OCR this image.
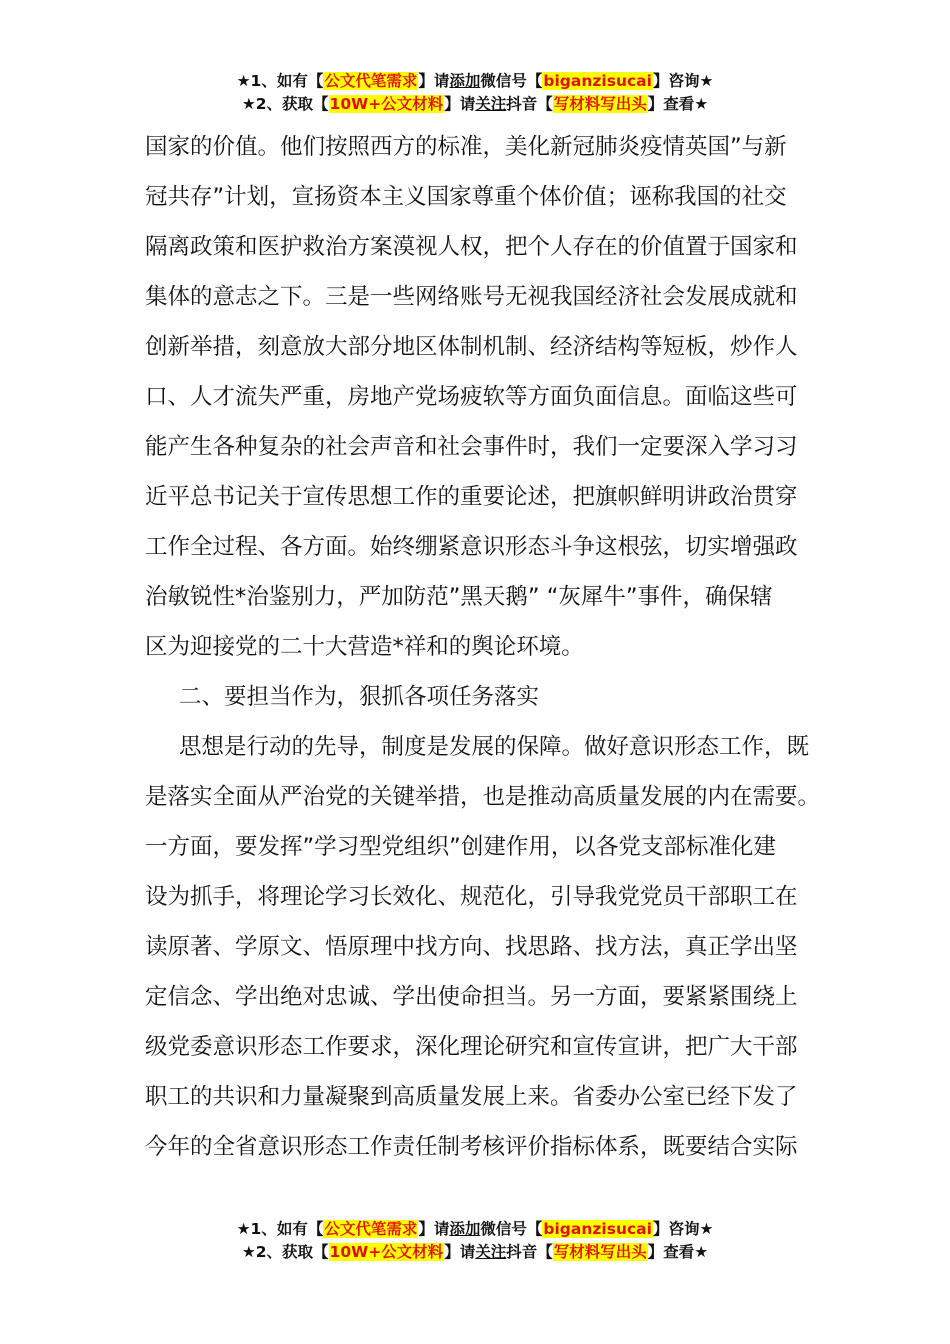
★1、如有【公文代笔需求】请添加微信号【biganzisucai】咨询★
★2、获取【10W+公文材料】请关注抖音【写材料写出头】查看★
国家的价值。他们按照西方的标准，美化新冠肺炎疫情英国”与新
冠共存”计划，宣扬资本主义国家尊重个体价值；诬称我国的社交
隔离政策和医护救治方案漠视人权，把个人存在的价值置于国家和
集体的意志之下。三是一些网络账号无视我国经济社会发展成就和
创新举措，刻意放大部分地区体制机制、经济结构等短板，炒作人
口、人才流失严重，房地产党场疲软等方面负面信息。面临这些可
能产生各种复杂的社会声音和社会事件时，我们一定要深入学习习
近平总书记关于宣传思想工作的重要论述，把旗帜鲜明讲政治贯穿
工作全过程、各方面。始终绷紧意识形态斗争这根弦，切实增强政
治敏锐性*治鉴别力，严加防范”黑天鹅” “灰犀牛”事件，确保辖
区为迎接党的二十大营造*祥和的舆论环境。
二、要担当作为，狠抓各项任务落实
思想是行动的先导，制度是发展的保障。做好意识形态工作，既
是落实全面从严治党的关键举措，也是推动高质量发展的内在需要。
一方面，要发挥”学习型党组织”创建作用，以各党支部标准化建
设为抓手，将理论学习长效化、规范化，引导我党党员干部职工在
读原著、学原文、悟原理中找方向、找思路、找方法，真正学出坚
定信念、学出绝对忠诚、学出使命担当。另一方面，要紧紧围绕上
级党委意识形态工作要求，深化理论研究和宣传宣讲，把广大干部
职工的共识和力量凝聚到高质量发展上来。省委办公室已经下发了
今年的全省意识形态工作责任制考核评价指标体系，既要结合实际
★1、如有【公文代笔需求】请添加微信号【biganzisucai】咨询★
★2、获取【10W+公文材料】请关注抖音【写材料写出头】查看★
